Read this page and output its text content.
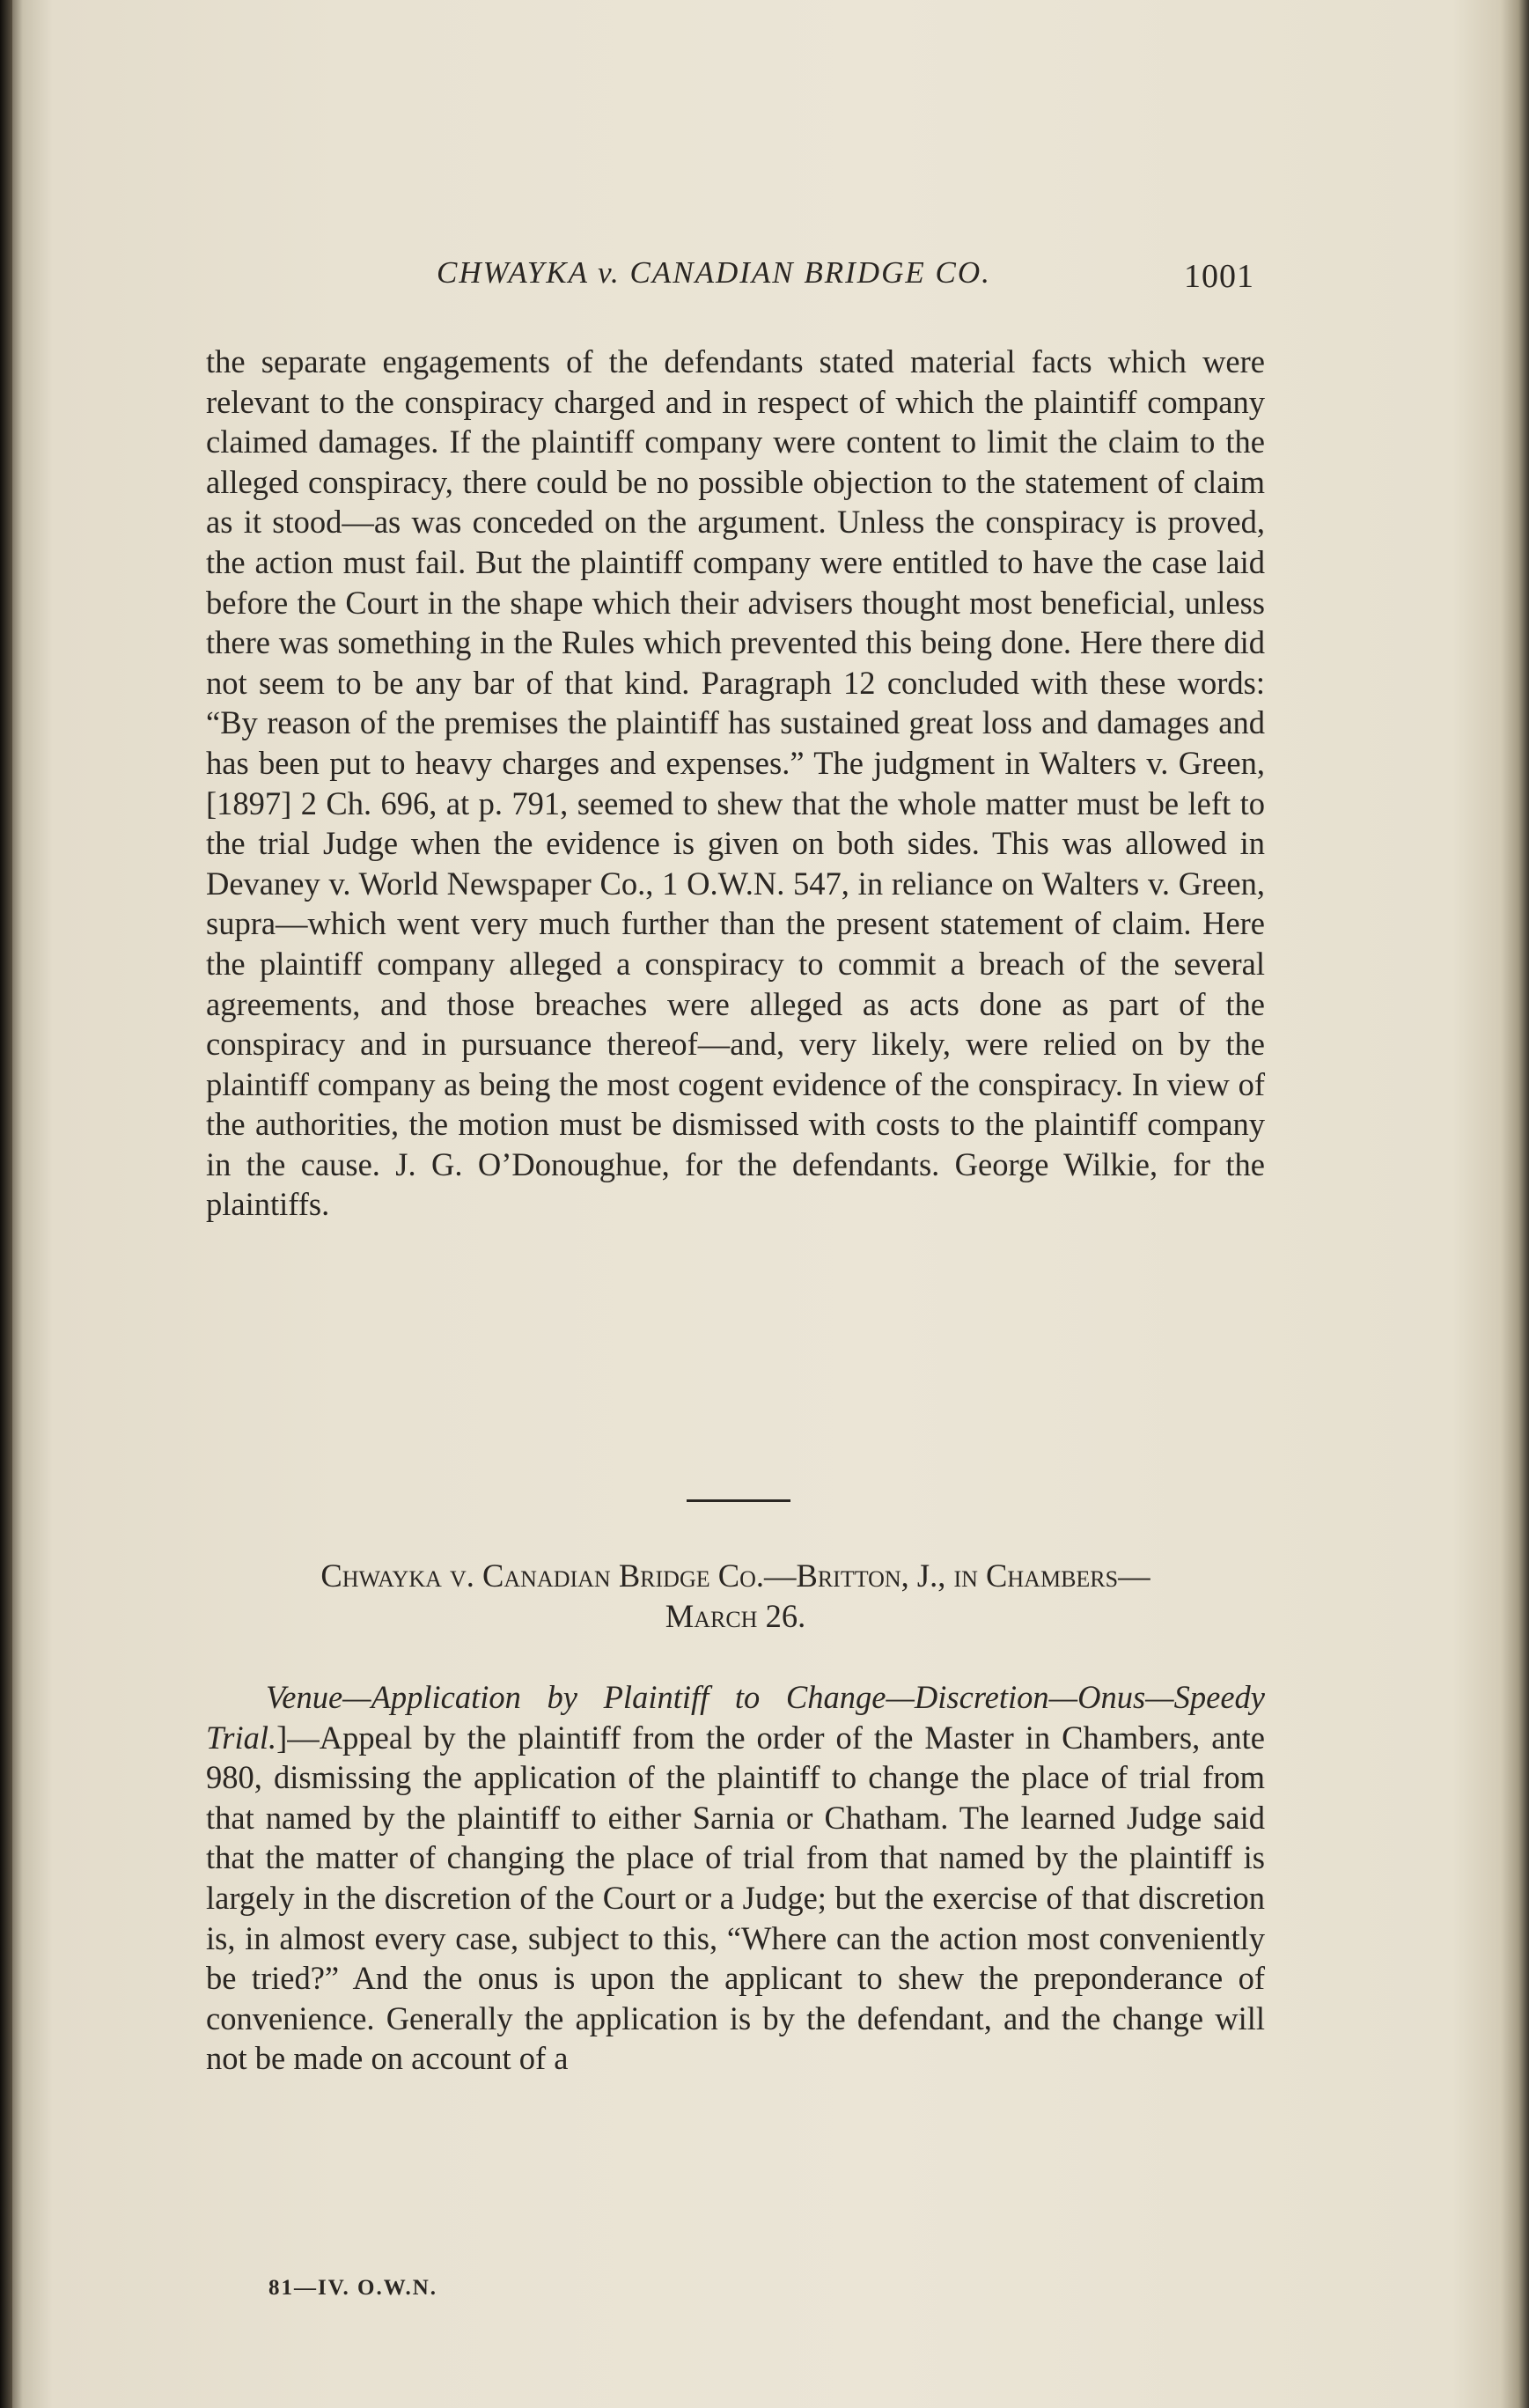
CHWAYKA v. CANADIAN BRIDGE CO.	1001
the separate engagements of the defendants stated material facts which were relevant to the conspiracy charged and in respect of which the plaintiff company claimed damages. If the plaintiff company were content to limit the claim to the alleged conspiracy, there could be no possible objection to the statement of claim as it stood—as was conceded on the argument. Unless the conspiracy is proved, the action must fail. But the plaintiff company were entitled to have the case laid before the Court in the shape which their advisers thought most beneficial, unless there was something in the Rules which prevented this being done. Here there did not seem to be any bar of that kind. Paragraph 12 concluded with these words: “By reason of the premises the plaintiff has sustained great loss and damages and has been put to heavy charges and expenses.” The judgment in Walters v. Green, [1897] 2 Ch. 696, at p. 791, seemed to shew that the whole matter must be left to the trial Judge when the evidence is given on both sides. This was allowed in Devaney v. World Newspaper Co., 1 O.W.N. 547, in reliance on Walters v. Green, supra—which went very much further than the present statement of claim. Here the plaintiff company alleged a conspiracy to commit a breach of the several agreements, and those breaches were alleged as acts done as part of the conspiracy and in pursuance thereof—and, very likely, were relied on by the plaintiff company as being the most cogent evidence of the conspiracy. In view of the authorities, the motion must be dismissed with costs to the plaintiff company in the cause. J. G. O’Donoughue, for the defendants. George Wilkie, for the plaintiffs.
Chwayka v. Canadian Bridge Co.—Britton, J., in Chambers—
March 26.
Venue—Application by Plaintiff to Change—Discretion—Onus—Speedy Trial.]—Appeal by the plaintiff from the order of the Master in Chambers, ante 980, dismissing the application of the plaintiff to change the place of trial from that named by the plaintiff to either Sarnia or Chatham. The learned Judge said that the matter of changing the place of trial from that named by the plaintiff is largely in the discretion of the Court or a Judge; but the exercise of that discretion is, in almost every case, subject to this, “Where can the action most conveniently be tried?” And the onus is upon the applicant to shew the preponderance of convenience. Generally the application is by the defendant, and the change will not be made on account of a
81—IV. O.W.N.
